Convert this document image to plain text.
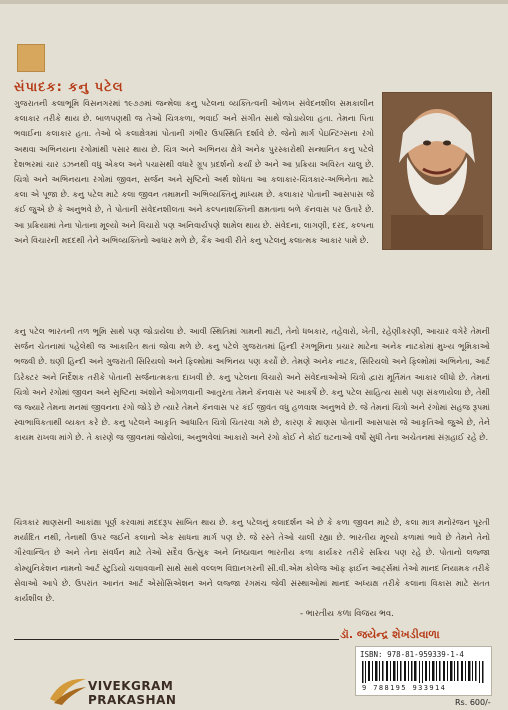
સંપાદક: કનુ પટેલ
ગુજરાતની કલાભૂમિ વિસનગરમાં ૧૯૭૭માં જન્મેલા કનુ પટેલના વ્યક્તિત્વની ઓળખ સંવેદનશીલ સમકાલીન કલાકાર તરીકે થાય છે. બાળપણથી જ તેઓ ચિત્રકળા, ભવાઈ અને સંગીત સાથે જોડાયેલા હતા. તેમના પિતા ભવાઈના કલાકાર હતા. તેઓ બે કલાક્ષેત્રમાં પોતાની ગંભીર ઉપસ્થિતિ દર્શાવે છે. જેનો માર્ગ પેઇન્ટિંગ્સના રંગો અથવા અભિનયના રંગોમાંથી પસાર થાય છે. ચિત્ર અને અભિનય ક્ષેત્રે અનેક પુરસ્કારોથી સન્માનિત કનુ પટેલે દેશભરમાં ચાર ડઝનથી વધુ એકલ અને પચાસથી વધારે ગ્રૂપ પ્રદર્શનો કર્યાં છે અને આ પ્રક્રિયા અવિરત ચાલુ છે. ચિત્રો અને અભિનયના રંગોમાં જીવન, સર્જન અને સૃષ્ટિનો અર્થ શોધતા આ કલાકાર-ચિત્રકાર-અભિનેતા માટે કલા એ પૂજા છે. કનુ પટેલ માટે કલા જીવન તમામની અભિવ્યક્તિનું માધ્યમ છે. કલાકાર પોતાની આસપાસ જે કંઈ જુએ છે કે અનુભવે છે, તે પોતાની સંવેદનશીલતા અને કલ્પનાશક્તિની ક્ષમતાના બળે કૅનવાસ પર ઉતારે છે. આ પ્રક્રિયામાં તેના પોતાના મૂલ્યો અને વિચારો પણ અનિવાર્યપણે શામેલ થાય છે. સંવેદના, લાગણી, દરદ, કલ્પના અને વિચારની મદદથી તેને અભિવ્યક્તિનો આધાર મળે છે, કૈંક આવી રીતે કનુ પટેલનું કલાત્મક આકાર પામે છે.
કનુ પટેલ ભારતની તળ ભૂમિ સાથે પણ જોડાયેલા છે. આવી સ્થિતિમાં ગામની માટી, તેનો ધબકાર, તહેવારો, ખેતી, રહેણીકરણી, આચાર વગેરે તેમની સર્જન ચેતનામાં પહેલેથી જ આકારિત થતાં જોવા મળે છે. કનુ પટેલે ગુજરાતમાં હિન્દી રંગભૂમિના પ્રચાર માટેના અનેક નાટકોમાં મુખ્ય ભૂમિકાઓ ભજવી છે. ઘણી હિન્દી અને ગુજરાતી સિરિયલો અને ફિલ્મોમાં અભિનય પણ કર્યો છે. તેમણે અનેક નાટક, સિરિયલો અને ફિલ્મોમાં અભિનેતા, આર્ટ ડિરેક્ટર અને નિર્દેશક તરીકે પોતાની સર્જનાત્મકતા દાખવી છે. કનુ પટેલના વિચારો અને સંવેદનાઓએ ચિત્રો દ્વારા મૂર્તિમંત આકાર લીધો છે. તેમનાં ચિત્રો અને રંગોમાં જીવન અને સૃષ્ટિના અંશોને ઓગળવાની આતુરતા તેમને કૅનવાસ પર આકર્ષે છે. કનુ પટેલ સાહિત્ય સાથે પણ સંકળાયેલા છે, તેથી જ જ્યારે તેમના મનમાં જીવનના રંગો જોડે છે ત્યારે તેમને કૅનવાસ પર કંઈ જીવંત વધુ હળવાશ અનુભવે છે. જે તેમનાં ચિત્રો અને રંગોમાં સહજ રૂપમાં સ્વાભાવિકતાથી વ્યક્ત કરે છે. કનુ પટેલને આકૃતિ આધારિત ચિત્રો ચિતરવા ગમે છે, કારણ કે માણસ પોતાની આસપાસ જે આકૃતિઓ જુએ છે, તેને કાયમ રાખવા માંગે છે. તે કારણે જ જીવનમાં જોયેલાં, અનુભવેલાં આકારો અને રંગો કોઈ ને કોઈ ઘટનાઓ વર્ષો સુધી તેના અચેતનમાં સંગ્રહાઈ રહે છે.
ચિત્રકાર માણસની આકાંક્ષા પૂર્ણ કરવામાં મદદરૂપ સાબિત થાય છે. કનુ પટેલનું કલાદર્શન એ છે કે કળા જીવન માટે છે, કલા માત્ર મનોરંજન પૂરતી મર્યાદિત નથી, તેનાથી ઉપર જઈને કલાનો એક સાધના માર્ગ પણ છે. જે રસ્તે તેઓ ચાલી રહ્યા છે. ભારતીય મૂલ્યો કળામાં ભાવે છે તેમને તેનો ગૌરવાન્વિત છે અને તેના સંવર્ધન માટે તેઓ સદૈવ ઉત્સુક અને નિષ્ઠાવાન ભારતીય કળા કાર્યકર તરીકે સક્રિય પણ રહે છે. પોતાનો લજ્જા કોમ્યુનિકેશન નામનો આર્ટ સ્ટુડિયો ચલાવવાની સાથે સાથે વલ્લભ વિદ્યાનગરની સી.વી.એમ કોલેજ ઑફ ફાઈન આર્ટ્સમાં તેઓ માનદ નિયામક તરીકે સેવાઓ આપે છે. ઉપરાંત આનંત આર્ટ એસોસિએશન અને લજ્જા રંગમંચ જેવી સંસ્થાઓમાં માનદ અધ્યક્ષ તરીકે કલાના વિકાસ માટે સતત કાર્યશીલ છે.
- ભારતીય કળા વિજય ભવ.
ડૉ. જયેન્દ્ર શેખડીવાળા
VIVEKGRAM
PRAKASHAN
ISBN: 978-81-959339-1-4
9 788195 933914
Rs. 600/-
